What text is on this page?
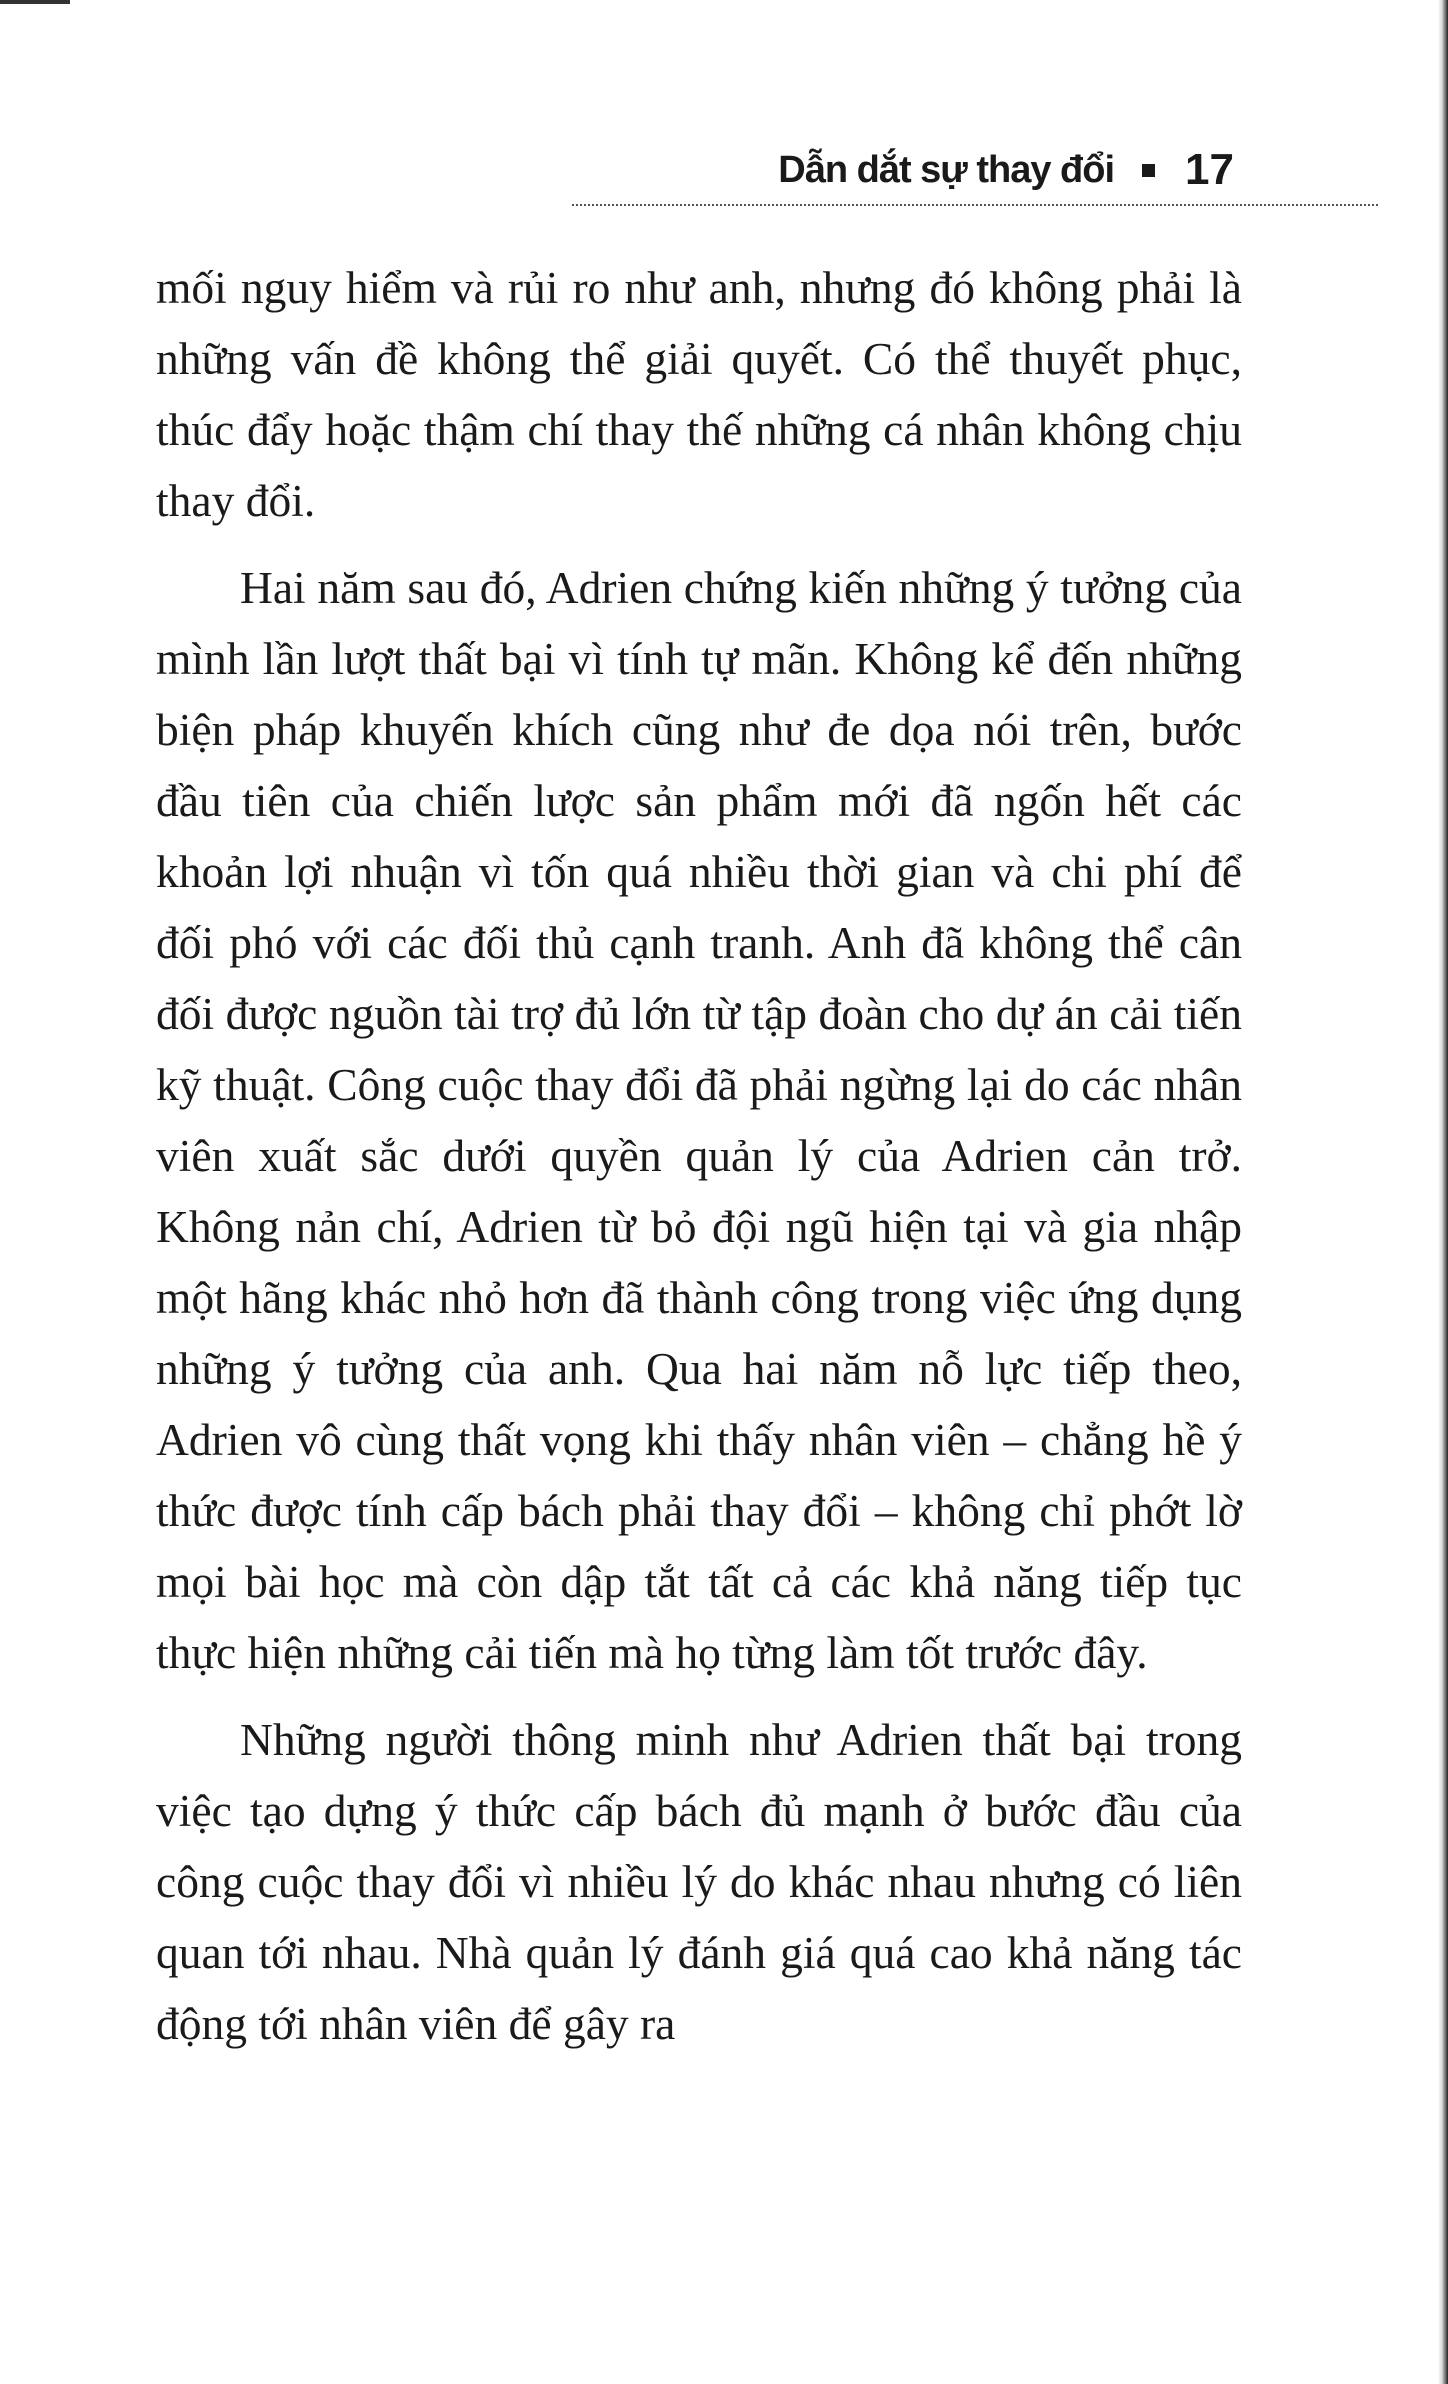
Dẫn dắt sự thay đổi 17

mối nguy hiểm và rủi ro như anh, nhưng đó không phải là những vấn đề không thể giải quyết. Có thể thuyết phục, thúc đẩy hoặc thậm chí thay thế những cá nhân không chịu thay đổi.

Hai năm sau đó, Adrien chứng kiến những ý tưởng của mình lần lượt thất bại vì tính tự mãn. Không kể đến những biện pháp khuyến khích cũng như đe dọa nói trên, bước đầu tiên của chiến lược sản phẩm mới đã ngốn hết các khoản lợi nhuận vì tốn quá nhiều thời gian và chi phí để đối phó với các đối thủ cạnh tranh. Anh đã không thể cân đối được nguồn tài trợ đủ lớn từ tập đoàn cho dự án cải tiến kỹ thuật. Công cuộc thay đổi đã phải ngừng lại do các nhân viên xuất sắc dưới quyền quản lý của Adrien cản trở. Không nản chí, Adrien từ bỏ đội ngũ hiện tại và gia nhập một hãng khác nhỏ hơn đã thành công trong việc ứng dụng những ý tưởng của anh. Qua hai năm nỗ lực tiếp theo, Adrien vô cùng thất vọng khi thấy nhân viên – chẳng hề ý thức được tính cấp bách phải thay đổi – không chỉ phớt lờ mọi bài học mà còn dập tắt tất cả các khả năng tiếp tục thực hiện những cải tiến mà họ từng làm tốt trước đây.

Những người thông minh như Adrien thất bại trong việc tạo dựng ý thức cấp bách đủ mạnh ở bước đầu của công cuộc thay đổi vì nhiều lý do khác nhau nhưng có liên quan tới nhau. Nhà quản lý đánh giá quá cao khả năng tác động tới nhân viên để gây ra
